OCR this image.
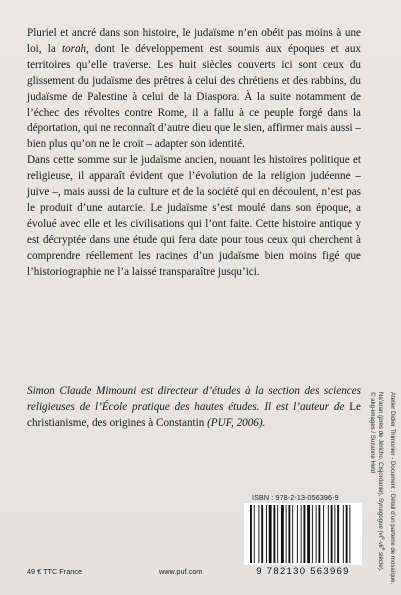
Pluriel et ancré dans son histoire, le judaïsme n’en obéit pas moins à une loi, la torah, dont le développement est soumis aux époques et aux territoires qu’elle traverse. Les huit siècles couverts ici sont ceux du glissement du judaïsme des prêtres à celui des chrétiens et des rabbins, du judaïsme de Palestine à celui de la Diaspora. À la suite notamment de l’échec des révoltes contre Rome, il a fallu à ce peuple forgé dans la déportation, qui ne reconnaît d’autre dieu que le sien, affirmer mais aussi – bien plus qu’on ne le croit – adapter son identité.

Dans cette somme sur le judaïsme ancien, nouant les histoires politique et religieuse, il apparaît évident que l’évolution de la religion judéenne – juive –, mais aussi de la culture et de la société qui en découlent, n’est pas le produit d’une autarcie. Le judaïsme s’est moulé dans son époque, a évolué avec elle et les civilisations qui l’ont faite. Cette histoire antique y est décryptée dans une étude qui fera date pour tous ceux qui cherchent à comprendre réellement les racines d’un judaïsme bien moins figé que l’historiographie ne l’a laissé transparaître jusqu’ici.

Simon Claude Mimouni est directeur d’études à la section des sciences religieuses de l’École pratique des hautes études. Il est l’auteur de Le christianisme, des origines à Constantin (PUF, 2006).	Atelier Didier Thimonier - Document : Détail d’un parterre de mosaïque, Na’aran (près de Jéricho, Cisjordanie), Synagogue ($vi^e-vii^e$ siècle).
© akg-images / Suzanne Held
ISBN : 978-2-13-056396-9
9 782130 563969
49 € TTC France	www.puf.com
